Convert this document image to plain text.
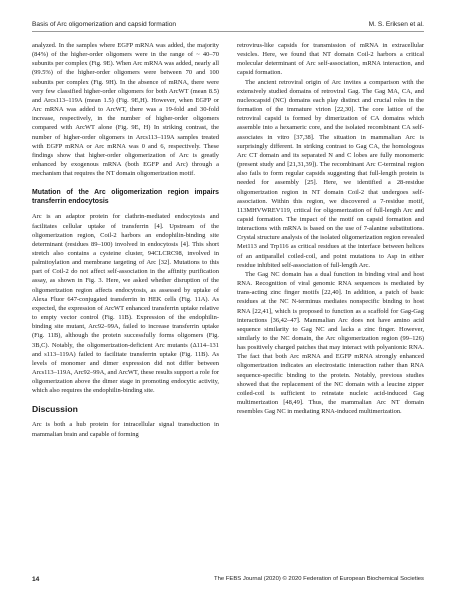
Basis of Arc oligomerization and capsid formation	M. S. Eriksen et al.

analyzed. In the samples where EGFP mRNA was added, the majority (84%) of the higher-order oligomers were in the range of ~ 40–70 subunits per complex (Fig. 9E). When Arc mRNA was added, nearly all (99.5%) of the higher-order oligomers were between 70 and 100 subunits per complex (Fig. 9H). In the absence of mRNA, there were very few classified higher-order oligomers for both ArcWT (mean 8.5) and Arcs113–119A (mean 1.5) (Fig. 9E,H). However, when EGFP or Arc mRNA was added to ArcWT, there was a 19-fold and 30-fold increase, respectively, in the number of higher-order oligomers compared with ArcWT alone (Fig. 9E, H) In striking contrast, the number of higher-order oligomers in Arcs113–119A samples treated with EGFP mRNA or Arc mRNA was 0 and 6, respectively. These findings show that higher-order oligomerization of Arc is greatly enhanced by exogenous mRNA (both EGFP and Arc) through a mechanism that requires the NT domain oligomerization motif.

Mutation of the Arc oligomerization region impairs transferrin endocytosis

Arc is an adaptor protein for clathrin-mediated endocytosis and facilitates cellular uptake of transferrin [4]. Upstream of the oligomerization region, Coil-2 harbors an endophilin-binding site determinant (residues 89–100) involved in endocytosis [4]. This short stretch also contains a cysteine cluster, 94CLCRC98, involved in palmitoylation and membrane targeting of Arc [32]. Mutations to this part of Coil-2 do not affect self-association in the affinity purification assay, as shown in Fig. 3. Here, we asked whether disruption of the oligomerization region affects endocytosis, as assessed by uptake of Alexa Fluor 647-conjugated transferrin in HEK cells (Fig. 11A). As expected, the expression of ArcWT enhanced transferrin uptake relative to empty vector control (Fig. 11B). Expression of the endophilin-binding site mutant, Arc92–99A, failed to increase transferrin uptake (Fig. 11B), although the protein successfully forms oligomers (Fig. 3B,C). Notably, the oligomerization-deficient Arc mutants (Δ114–131 and s113–119A) failed to facilitate transferrin uptake (Fig. 11B). As levels of monomer and dimer expression did not differ between Arcs113–119A, Arc92–99A, and ArcWT, these results support a role for oligomerization above the dimer stage in promoting endocytic activity, which also requires the endophilin-binding site.

Discussion

Arc is both a hub protein for intracellular signal transduction in mammalian brain and capable of forming

retrovirus-like capsids for transmission of mRNA in extracellular vesicles. Here, we found that NT domain Coil-2 harbors a critical molecular determinant of Arc self-association, mRNA interaction, and capsid formation.

The ancient retroviral origin of Arc invites a comparison with the extensively studied domains of retroviral Gag. The Gag MA, CA, and nucleocapsid (NC) domains each play distinct and crucial roles in the formation of the immature virion [22,30]. The core lattice of the retroviral capsid is formed by dimerization of CA domains which assemble into a hexameric core, and the isolated recombinant CA self-associates in vitro [37,38]. The situation in mammalian Arc is surprisingly different. In striking contrast to Gag CA, the homologous Arc CT domain and its separated N and C lobes are fully monomeric (present study and [21,31,39]). The recombinant Arc C-terminal region also fails to form regular capsids suggesting that full-length protein is needed for assembly [25]. Here, we identified a 28-residue oligomerization region in NT domain Coil-2 that undergoes self-association. Within this region, we discovered a 7-residue motif, 113MHVWREV119, critical for oligomerization of full-length Arc and capsid formation. The impact of the motif on capsid formation and interactions with mRNA is based on the use of 7-alanine substitutions. Crystal structure analysis of the isolated oligomerization region revealed Met113 and Trp116 as critical residues at the interface between helices of an antiparallel coiled-coil, and point mutations to Asp in either residue inhibited self-association of full-length Arc.

The Gag NC domain has a dual function in binding viral and host RNA. Recognition of viral genomic RNA sequences is mediated by trans-acting zinc finger motifs [22,40]. In addition, a patch of basic residues at the NC N-terminus mediates nonspecific binding to host RNA [22,41], which is proposed to function as a scaffold for Gag-Gag interactions [36,42–47]. Mammalian Arc does not have amino acid sequence similarity to Gag NC and lacks a zinc finger. However, similarly to the NC domain, the Arc oligomerization region (99–126) has positively charged patches that may interact with polyanionic RNA. The fact that both Arc mRNA and EGFP mRNA strongly enhanced oligomerization indicates an electrostatic interaction rather than RNA sequence-specific binding to the protein. Notably, previous studies showed that the replacement of the NC domain with a leucine zipper coiled-coil is sufficient to reinstate nucleic acid-induced Gag multimerization [48,49]. Thus, the mammalian Arc NT domain resembles Gag NC in mediating RNA-induced multimerization.

14	The FEBS Journal (2020) © 2020 Federation of European Biochemical Societies
